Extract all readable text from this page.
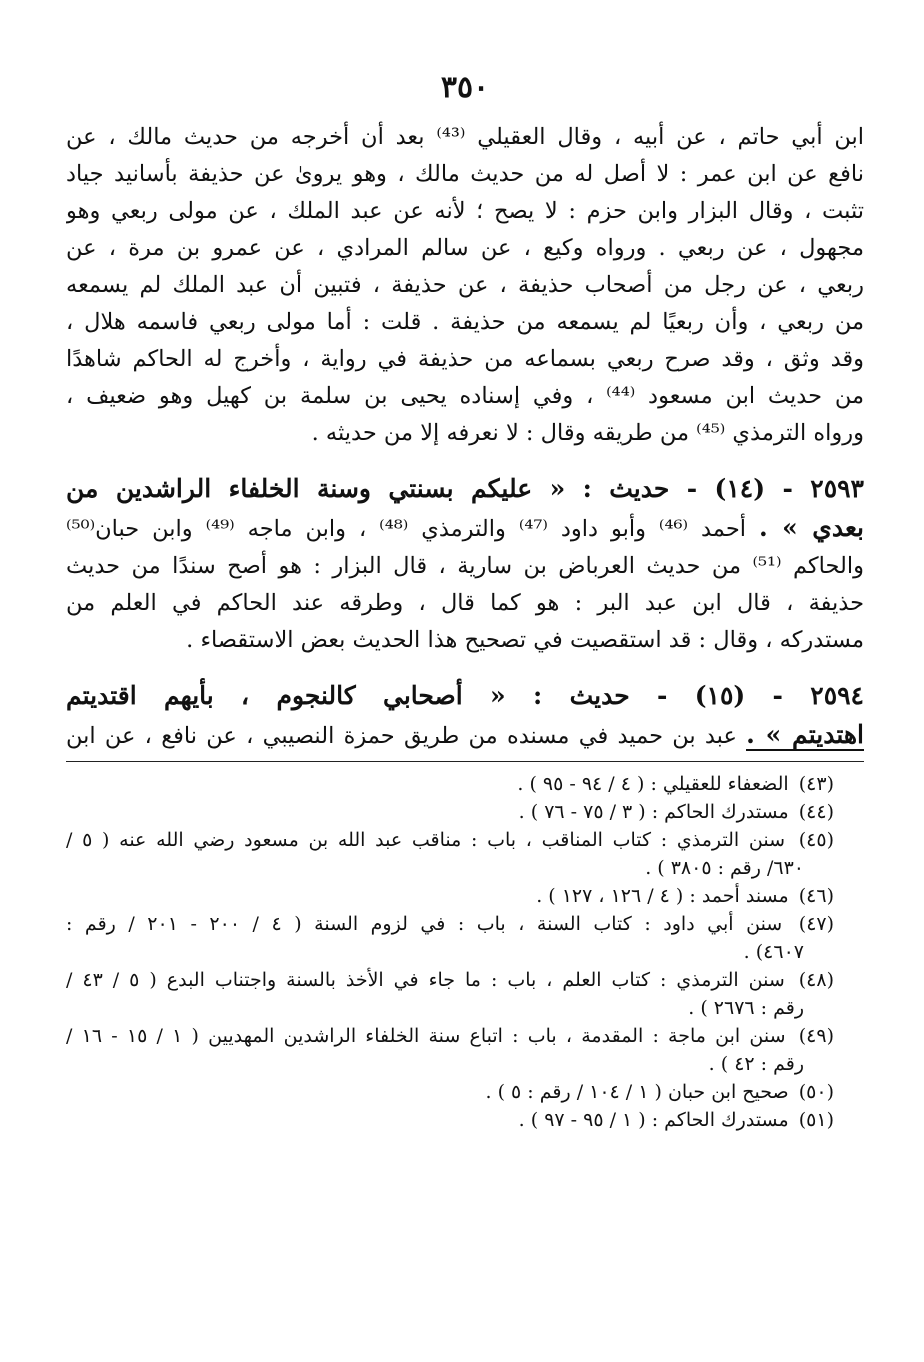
٣٥٠
ابن أبي حاتم ، عن أبيه ، وقال العقيلي ⁽⁴³⁾ بعد أن أخرجه من حديث مالك ، عن
نافع عن ابن عمر : لا أصل له من حديث مالك ، وهو يروىٰ عن حذيفة بأسانيد جياد
تثبت ، وقال البزار وابن حزم : لا يصح ؛ لأنه عن عبد الملك ، عن مولى ربعي وهو
مجهول ، عن ربعي . ورواه وكيع ، عن سالم المرادي ، عن عمرو بن مرة ، عن
ربعي ، عن رجل من أصحاب حذيفة ، عن حذيفة ، فتبين أن عبد الملك لم يسمعه
من ربعي ، وأن ربعيًا لم يسمعه من حذيفة . قلت : أما مولى ربعي فاسمه هلال ،
وقد وثق ، وقد صرح ربعي بسماعه من حذيفة في رواية ، وأخرج له الحاكم شاهدًا
من حديث ابن مسعود ⁽⁴⁴⁾ ، وفي إسناده يحيى بن سلمة بن كهيل وهو ضعيف ،
ورواه الترمذي ⁽⁴⁵⁾ من طريقه وقال : لا نعرفه إلا من حديثه .
٢٥٩٣ - (١٤) - حديث : « عليكم بسنتي وسنة الخلفاء الراشدين من
بعدي » . أحمد ⁽⁴⁶⁾ وأبو داود ⁽⁴⁷⁾ والترمذي ⁽⁴⁸⁾ ، وابن ماجه ⁽⁴⁹⁾ وابن حبان⁽⁵⁰⁾
والحاكم ⁽⁵¹⁾ من حديث العرباض بن سارية ، قال البزار : هو أصح سندًا من حديث
حذيفة ، قال ابن عبد البر : هو كما قال ، وطرقه عند الحاكم في العلم من
مستدركه ، وقال : قد استقصيت في تصحيح هذا الحديث بعض الاستقصاء .
٢٥٩٤ - (١٥) - حديث : « أصحابي كالنجوم ، بأيهم اقتديتم
اهتديتم » . عبد بن حميد في مسنده من طريق حمزة النصيبي ، عن نافع ، عن ابن
(٤٣) الضعفاء للعقيلي : ( ٤ / ٩٤ - ٩٥ ) .
(٤٤) مستدرك الحاكم : ( ٣ / ٧٥ - ٧٦ ) .
(٤٥) سنن الترمذي : كتاب المناقب ، باب : مناقب عبد الله بن مسعود رضي الله عنه ( ٥ /
٦٣٠/ رقم : ٣٨٠٥ ) .
(٤٦) مسند أحمد : ( ٤ / ١٢٦ ، ١٢٧ ) .
(٤٧) سنن أبي داود : كتاب السنة ، باب : في لزوم السنة ( ٤ / ٢٠٠ - ٢٠١ / رقم :
٤٦٠٧) .
(٤٨) سنن الترمذي : كتاب العلم ، باب : ما جاء في الأخذ بالسنة واجتناب البدع ( ٥ / ٤٣ /
رقم : ٢٦٧٦ ) .
(٤٩) سنن ابن ماجة : المقدمة ، باب : اتباع سنة الخلفاء الراشدين المهديين ( ١ / ١٥ - ١٦ /
رقم : ٤٢ ) .
(٥٠) صحيح ابن حبان ( ١ / ١٠٤ / رقم : ٥ ) .
(٥١) مستدرك الحاكم : ( ١ / ٩٥ - ٩٧ ) .
